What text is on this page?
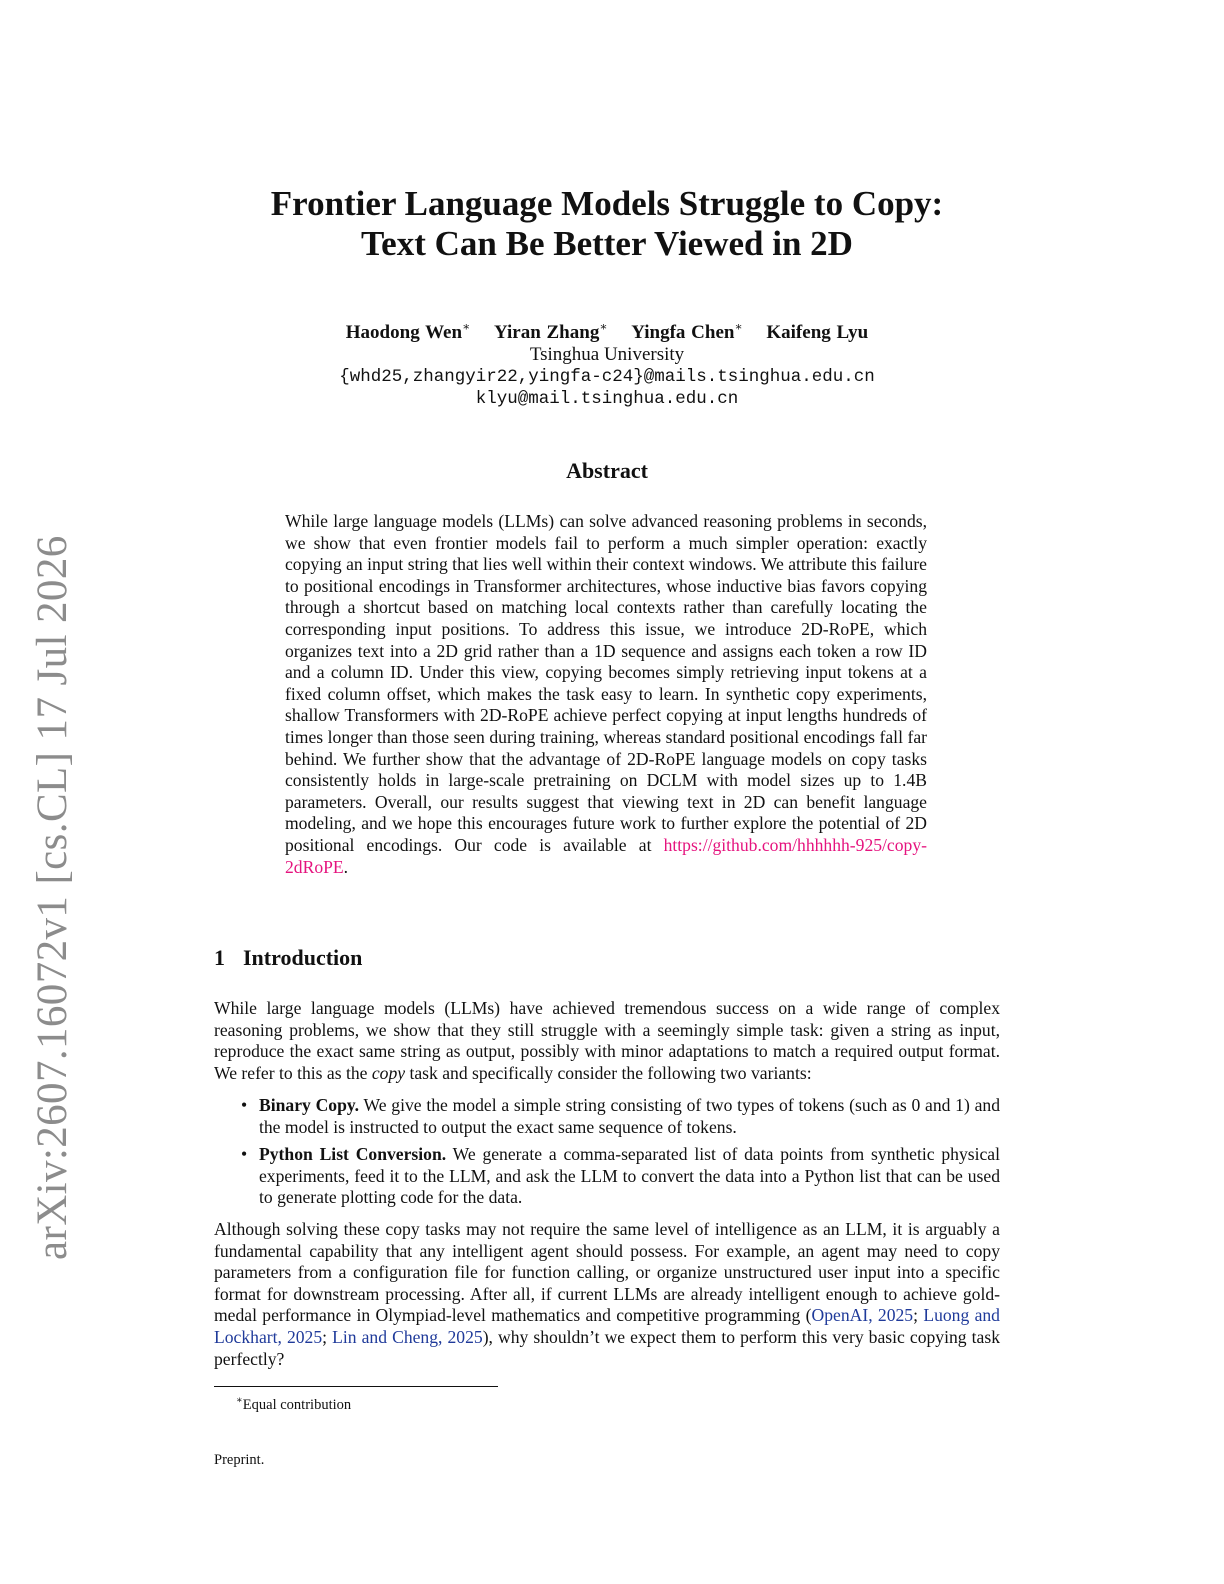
arXiv:2607.16072v1 [cs.CL] 17 Jul 2026
Frontier Language Models Struggle to Copy:
Text Can Be Better Viewed in 2D
Haodong Wen∗ Yiran Zhang∗ Yingfa Chen∗ Kaifeng Lyu
Tsinghua University
{whd25,zhangyir22,yingfa-c24}@mails.tsinghua.edu.cn
klyu@mail.tsinghua.edu.cn
Abstract

While large language models (LLMs) can solve advanced reasoning problems in seconds, we show that even frontier models fail to perform a much simpler operation: exactly copying an input string that lies well within their context windows. We attribute this failure to positional encodings in Transformer architectures, whose inductive bias favors copying through a shortcut based on matching local contexts rather than carefully locating the corresponding input positions. To address this issue, we introduce 2D-RoPE, which organizes text into a 2D grid rather than a 1D sequence and assigns each token a row ID and a column ID. Under this view, copying becomes simply retrieving input tokens at a fixed column offset, which makes the task easy to learn. In synthetic copy experiments, shallow Transformers with 2D-RoPE achieve perfect copying at input lengths hundreds of times longer than those seen during training, whereas standard positional encodings fall far behind. We further show that the advantage of 2D-RoPE language models on copy tasks consistently holds in large-scale pretraining on DCLM with model sizes up to 1.4B parameters. Overall, our results suggest that viewing text in 2D can benefit language modeling, and we hope this encourages future work to further explore the potential of 2D positional encodings. Our code is available at https://github.com/hhhhhh-925/copy-2dRoPE.

1 Introduction

While large language models (LLMs) have achieved tremendous success on a wide range of complex reasoning problems, we show that they still struggle with a seemingly simple task: given a string as input, reproduce the exact same string as output, possibly with minor adaptations to match a required output format. We refer to this as the copy task and specifically consider the following two variants:

• Binary Copy. We give the model a simple string consisting of two types of tokens (such as 0 and 1) and the model is instructed to output the exact same sequence of tokens.
• Python List Conversion. We generate a comma-separated list of data points from synthetic physical experiments, feed it to the LLM, and ask the LLM to convert the data into a Python list that can be used to generate plotting code for the data.

Although solving these copy tasks may not require the same level of intelligence as an LLM, it is arguably a fundamental capability that any intelligent agent should possess. For example, an agent may need to copy parameters from a configuration file for function calling, or organize unstructured user input into a specific format for downstream processing. After all, if current LLMs are already intelligent enough to achieve gold-medal performance in Olympiad-level mathematics and competitive programming (OpenAI, 2025; Luong and Lockhart, 2025; Lin and Cheng, 2025), why shouldn’t we expect them to perform this very basic copying task perfectly?

∗Equal contribution
Preprint.
